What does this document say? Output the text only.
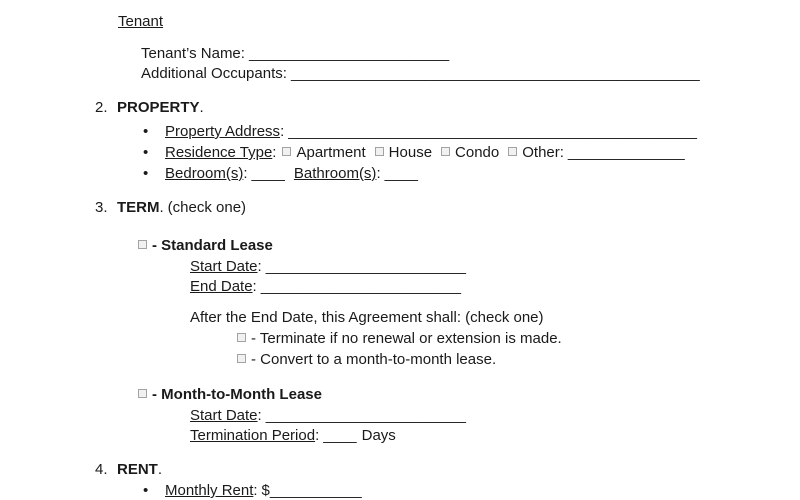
Tenant
Tenant’s Name: ________________________
Additional Occupants: _________________________________________________
2. PROPERTY.
• Property Address: _________________________________________________
• Residence Type: Apartment House Condo Other: ______________
• Bedroom(s): ____ Bathroom(s): ____
3. TERM. (check one)
- Standard Lease
Start Date: ________________________
End Date: ________________________
After the End Date, this Agreement shall: (check one)
- Terminate if no renewal or extension is made.
- Convert to a month-to-month lease.
- Month-to-Month Lease
Start Date: ________________________
Termination Period: ____ Days
4. RENT.
• Monthly Rent: $___________
